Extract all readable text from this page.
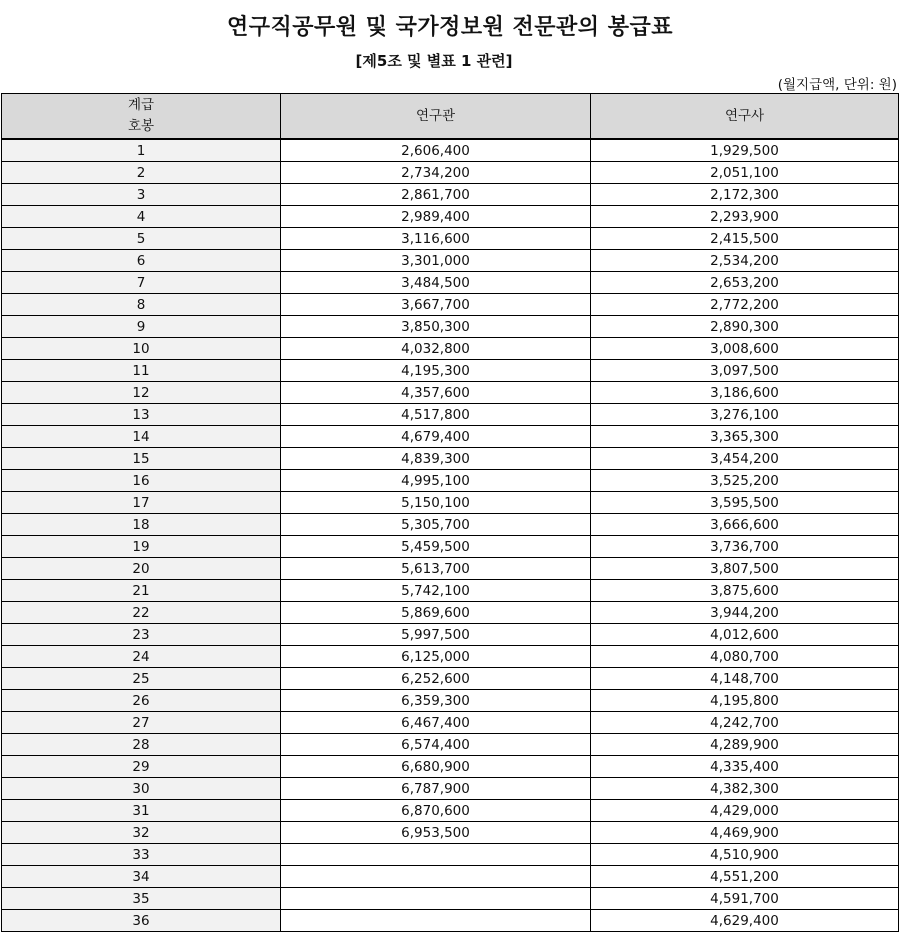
연구직공무원 및 국가정보원 전문관의 봉급표
[제5조 및 별표 1 관련]
(월지급액, 단위: 원)
계급
호봉	연구관	연구사
1	2,606,400	1,929,500
2	2,734,200	2,051,100
3	2,861,700	2,172,300
4	2,989,400	2,293,900
5	3,116,600	2,415,500
6	3,301,000	2,534,200
7	3,484,500	2,653,200
8	3,667,700	2,772,200
9	3,850,300	2,890,300
10	4,032,800	3,008,600
11	4,195,300	3,097,500
12	4,357,600	3,186,600
13	4,517,800	3,276,100
14	4,679,400	3,365,300
15	4,839,300	3,454,200
16	4,995,100	3,525,200
17	5,150,100	3,595,500
18	5,305,700	3,666,600
19	5,459,500	3,736,700
20	5,613,700	3,807,500
21	5,742,100	3,875,600
22	5,869,600	3,944,200
23	5,997,500	4,012,600
24	6,125,000	4,080,700
25	6,252,600	4,148,700
26	6,359,300	4,195,800
27	6,467,400	4,242,700
28	6,574,400	4,289,900
29	6,680,900	4,335,400
30	6,787,900	4,382,300
31	6,870,600	4,429,000
32	6,953,500	4,469,900
33		4,510,900
34		4,551,200
35		4,591,700
36		4,629,400
